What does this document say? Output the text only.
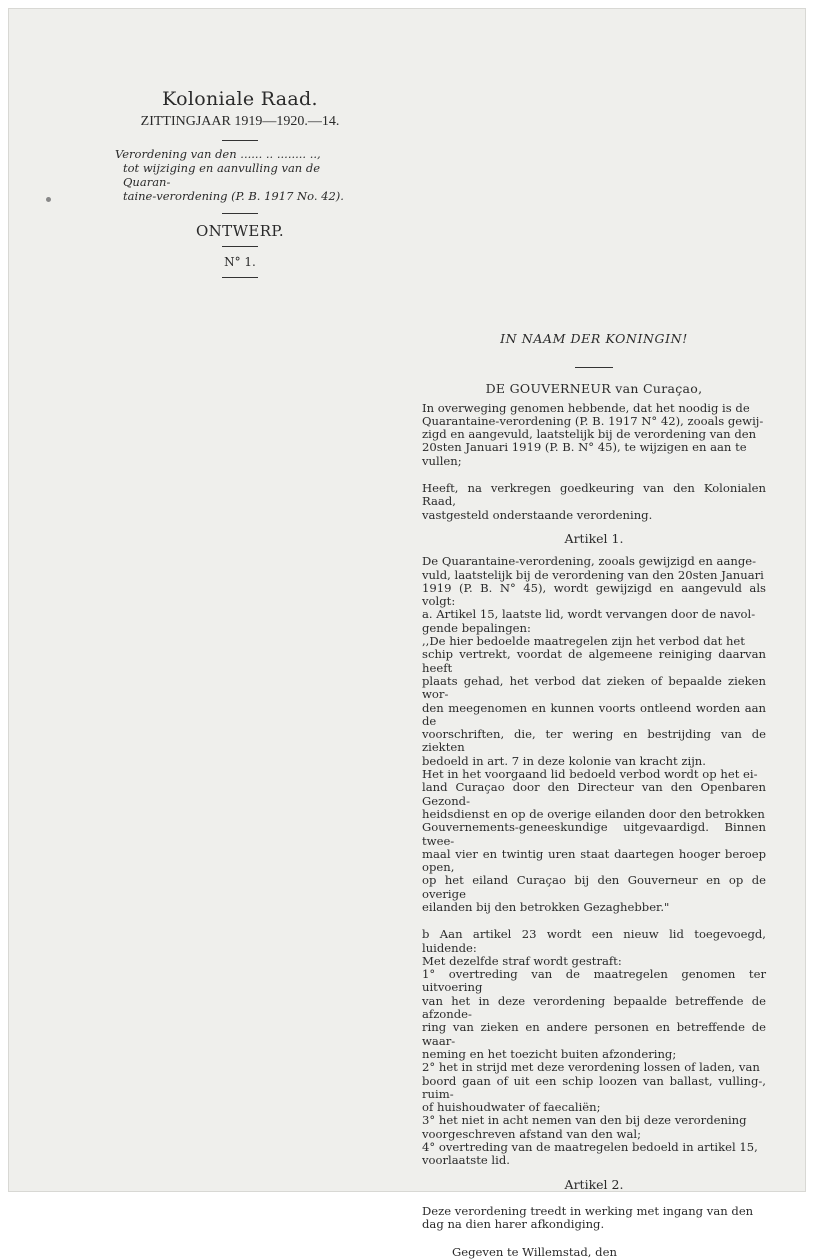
Koloniale Raad.

ZITTINGJAAR 1919—1920.—14.

Verordening van den ...... .. ........ ..,
tot wijziging en aanvulling van de Quaran-
taine-verordening (P. B. 1917 No. 42).

ONTWERP.

N° 1.

IN NAAM DER KONINGIN!

DE GOUVERNEUR van Curaçao,

In overweging genomen hebbende, dat het noodig is de
Quarantaine-verordening (P. B. 1917 N° 42), zooals gewij-
zigd en aangevuld, laatstelijk bij de verordening van den
20sten Januari 1919 (P. B. N° 45), te wijzigen en aan te
vullen;
Heeft, na verkregen goedkeuring van den Kolonialen Raad,
vastgesteld onderstaande verordening.

Artikel 1.

De Quarantaine-verordening, zooals gewijzigd en aange-
vuld, laatstelijk bij de verordening van den 20sten Januari
1919 (P. B. N° 45), wordt gewijzigd en aangevuld als volgt:
a. Artikel 15, laatste lid, wordt vervangen door de navol-
gende bepalingen:
,,De hier bedoelde maatregelen zijn het verbod dat het
schip vertrekt, voordat de algemeene reiniging daarvan heeft
plaats gehad, het verbod dat zieken of bepaalde zieken wor-
den meegenomen en kunnen voorts ontleend worden aan de
voorschriften, die, ter wering en bestrijding van de ziekten
bedoeld in art. 7 in deze kolonie van kracht zijn.
Het in het voorgaand lid bedoeld verbod wordt op het ei-
land Curaçao door den Directeur van den Openbaren Gezond-
heidsdienst en op de overige eilanden door den betrokken
Gouvernements-geneeskundige uitgevaardigd. Binnen twee-
maal vier en twintig uren staat daartegen hooger beroep open,
op het eiland Curaçao bij den Gouverneur en op de overige
eilanden bij den betrokken Gezaghebber."
b Aan artikel 23 wordt een nieuw lid toegevoegd, luidende:
Met dezelfde straf wordt gestraft:
1° overtreding van de maatregelen genomen ter uitvoering
van het in deze verordening bepaalde betreffende de afzonde-
ring van zieken en andere personen en betreffende de waar-
neming en het toezicht buiten afzondering;
2° het in strijd met deze verordening lossen of laden, van
boord gaan of uit een schip loozen van ballast, vulling-, ruim-
of huishoudwater of faecaliën;
3° het niet in acht nemen van den bij deze verordening
voorgeschreven afstand van den wal;
4° overtreding van de maatregelen bedoeld in artikel 15,
voorlaatste lid.

Artikel 2.

Deze verordening treedt in werking met ingang van den
dag na dien harer afkondiging.

Gegeven te Willemstad, den
